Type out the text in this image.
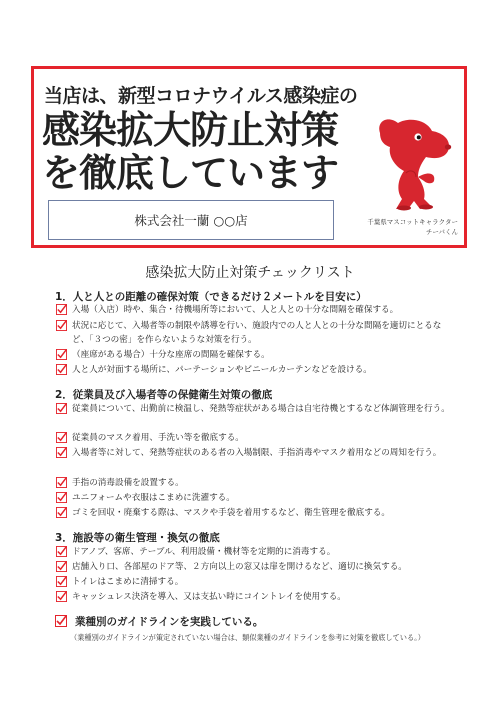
当店は、新型コロナウイルス感染症の
感染拡大防止対策
を徹底しています
株式会社一蘭 ○○店	千葉県マスコットキャラクター
チーバくん
感染拡大防止対策チェックリスト
1．人と人との距離の確保対策（できるだけ２メートルを目安に）
入場（入店）時や、集合・待機場所等において、人と人との十分な間隔を確保する。
状況に応じて、入場者等の制限や誘導を行い、施設内での人と人との十分な間隔を適切にとるなど、「３つの密」を作らないような対策を行う。
（座席がある場合）十分な座席の間隔を確保する。
人と人が対面する場所に、パーテーションやビニールカーテンなどを設ける。
2．従業員及び入場者等の保健衛生対策の徹底
従業員について、出勤前に検温し、発熱等症状がある場合は自宅待機とするなど体調管理を行う。
従業員のマスク着用、手洗い等を徹底する。
入場者等に対して、発熱等症状のある者の入場制限、手指消毒やマスク着用などの周知を行う。
手指の消毒設備を設置する。
ユニフォームや衣服はこまめに洗濯する。
ゴミを回収・廃棄する際は、マスクや手袋を着用するなど、衛生管理を徹底する。
3．施設等の衛生管理・換気の徹底
ドアノブ、客席、テーブル、利用設備・機材等を定期的に消毒する。
店舗入り口、各部屋のドア等、２方向以上の窓又は扉を開けるなど、適切に換気する。
トイレはこまめに清掃する。
キャッシュレス決済を導入、又は支払い時にコイントレイを使用する。
業種別のガイドラインを実践している。
（業種別のガイドラインが策定されていない場合は、類似業種のガイドラインを参考に対策を徹底している。）
